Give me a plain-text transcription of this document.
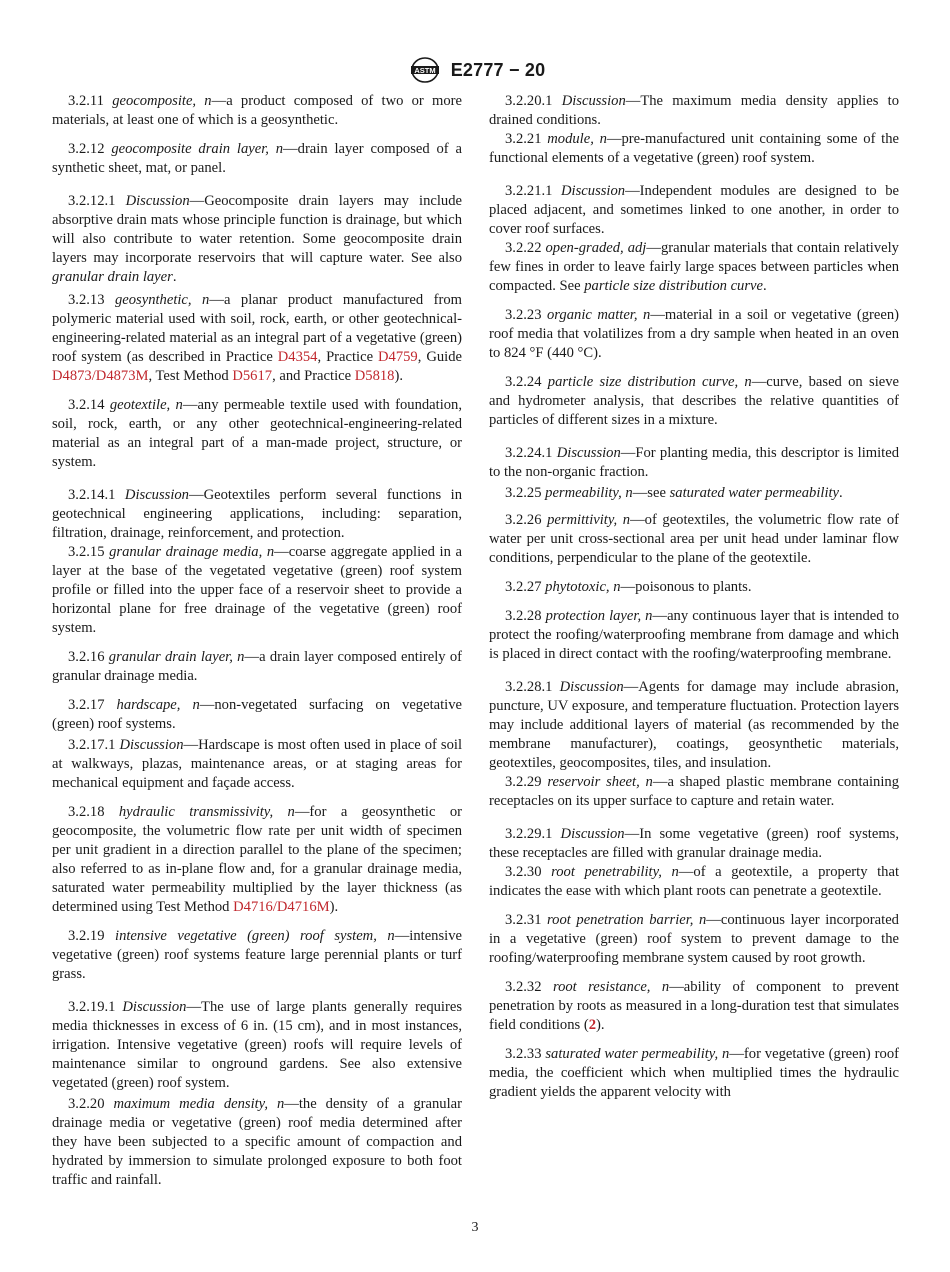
ASTM E2777 − 20

3.2.11 geocomposite, n—a product composed of two or more materials, at least one of which is a geosynthetic.

3.2.12 geocomposite drain layer, n—drain layer composed of a synthetic sheet, mat, or panel.

3.2.12.1 Discussion—Geocomposite drain layers may include absorptive drain mats whose principle function is drainage, but which will also contribute to water retention. Some geocomposite drain layers may incorporate reservoirs that will capture water. See also granular drain layer.

3.2.13 geosynthetic, n—a planar product manufactured from polymeric material used with soil, rock, earth, or other geotechnical-engineering-related material as an integral part of a vegetative (green) roof system (as described in Practice D4354, Practice D4759, Guide D4873/D4873M, Test Method D5617, and Practice D5818).

3.2.14 geotextile, n—any permeable textile used with foundation, soil, rock, earth, or any other geotechnical-engineering-related material as an integral part of a man-made project, structure, or system.

3.2.14.1 Discussion—Geotextiles perform several functions in geotechnical engineering applications, including: separation, filtration, drainage, reinforcement, and protection.

3.2.15 granular drainage media, n—coarse aggregate applied in a layer at the base of the vegetated vegetative (green) roof system profile or filled into the upper face of a reservoir sheet to provide a horizontal plane for free drainage of the vegetative (green) roof system.

3.2.16 granular drain layer, n—a drain layer composed entirely of granular drainage media.

3.2.17 hardscape, n—non-vegetated surfacing on vegetative (green) roof systems.

3.2.17.1 Discussion—Hardscape is most often used in place of soil at walkways, plazas, maintenance areas, or at staging areas for mechanical equipment and façade access.

3.2.18 hydraulic transmissivity, n—for a geosynthetic or geocomposite, the volumetric flow rate per unit width of specimen per unit gradient in a direction parallel to the plane of the specimen; also referred to as in-plane flow and, for a granular drainage media, saturated water permeability multiplied by the layer thickness (as determined using Test Method D4716/D4716M).

3.2.19 intensive vegetative (green) roof system, n—intensive vegetative (green) roof systems feature large perennial plants or turf grass.

3.2.19.1 Discussion—The use of large plants generally requires media thicknesses in excess of 6 in. (15 cm), and in most instances, irrigation. Intensive vegetative (green) roofs will require levels of maintenance similar to onground gardens. See also extensive vegetated (green) roof system.

3.2.20 maximum media density, n—the density of a granular drainage media or vegetative (green) roof media determined after they have been subjected to a specific amount of compaction and hydrated by immersion to simulate prolonged exposure to both foot traffic and rainfall.

3.2.20.1 Discussion—The maximum media density applies to drained conditions.

3.2.21 module, n—pre-manufactured unit containing some of the functional elements of a vegetative (green) roof system.

3.2.21.1 Discussion—Independent modules are designed to be placed adjacent, and sometimes linked to one another, in order to cover roof surfaces.

3.2.22 open-graded, adj—granular materials that contain relatively few fines in order to leave fairly large spaces between particles when compacted. See particle size distribution curve.

3.2.23 organic matter, n—material in a soil or vegetative (green) roof media that volatilizes from a dry sample when heated in an oven to 824 °F (440 °C).

3.2.24 particle size distribution curve, n—curve, based on sieve and hydrometer analysis, that describes the relative quantities of particles of different sizes in a mixture.

3.2.24.1 Discussion—For planting media, this descriptor is limited to the non-organic fraction.

3.2.25 permeability, n—see saturated water permeability.

3.2.26 permittivity, n—of geotextiles, the volumetric flow rate of water per unit cross-sectional area per unit head under laminar flow conditions, perpendicular to the plane of the geotextile.

3.2.27 phytotoxic, n—poisonous to plants.

3.2.28 protection layer, n—any continuous layer that is intended to protect the roofing/waterproofing membrane from damage and which is placed in direct contact with the roofing/waterproofing membrane.

3.2.28.1 Discussion—Agents for damage may include abrasion, puncture, UV exposure, and temperature fluctuation. Protection layers may include additional layers of material (as recommended by the membrane manufacturer), coatings, geosynthetic materials, geotextiles, geocomposites, tiles, and insulation.

3.2.29 reservoir sheet, n—a shaped plastic membrane containing receptacles on its upper surface to capture and retain water.

3.2.29.1 Discussion—In some vegetative (green) roof systems, these receptacles are filled with granular drainage media.

3.2.30 root penetrability, n—of a geotextile, a property that indicates the ease with which plant roots can penetrate a geotextile.

3.2.31 root penetration barrier, n—continuous layer incorporated in a vegetative (green) roof system to prevent damage to the roofing/waterproofing membrane system caused by root growth.

3.2.32 root resistance, n—ability of component to prevent penetration by roots as measured in a long-duration test that simulates field conditions (2).

3.2.33 saturated water permeability, n—for vegetative (green) roof media, the coefficient which when multiplied times the hydraulic gradient yields the apparent velocity with

3
